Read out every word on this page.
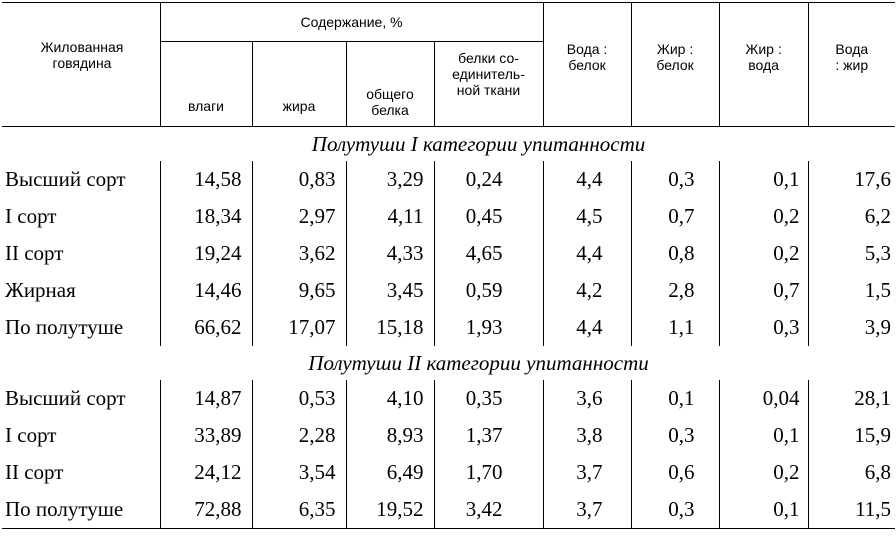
Жилованная говядина	Содержание, %				Вода : белок	Жир : белок	Жир : вода	Вода : жир
	влаги	жира	общего белка	белки со-единитель-ной ткани				
Полутуши I категории упитанности								
Высший сорт	14,58	0,83	3,29	0,24	4,4	0,3	0,1	17,6
I сорт	18,34	2,97	4,11	0,45	4,5	0,7	0,2	6,2
II сорт	19,24	3,62	4,33	4,65	4,4	0,8	0,2	5,3
Жирная	14,46	9,65	3,45	0,59	4,2	2,8	0,7	1,5
По полутуше	66,62	17,07	15,18	1,93	4,4	1,1	0,3	3,9
Полутуши II категории упитанности								
Высший сорт	14,87	0,53	4,10	0,35	3,6	0,1	0,04	28,1
I сорт	33,89	2,28	8,93	1,37	3,8	0,3	0,1	15,9
II сорт	24,12	3,54	6,49	1,70	3,7	0,6	0,2	6,8
По полутуше	72,88	6,35	19,52	3,42	3,7	0,3	0,1	11,5
